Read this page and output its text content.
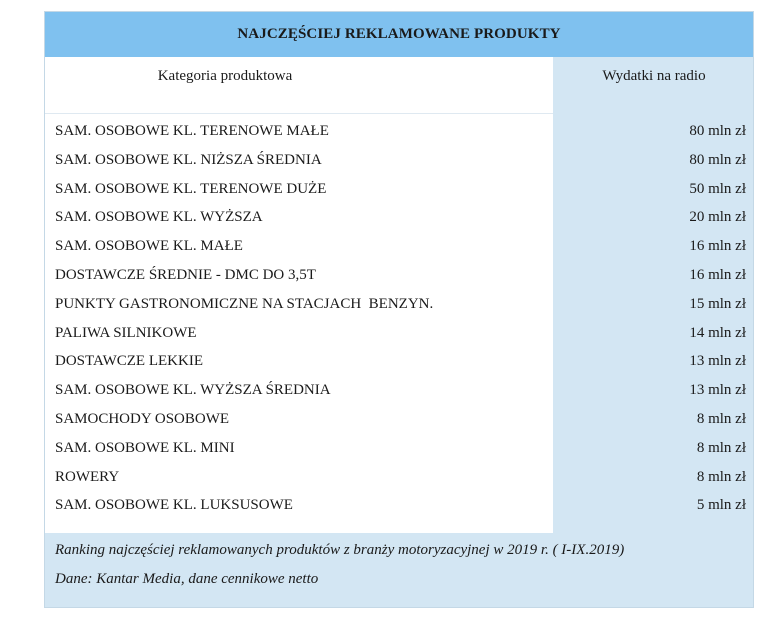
NAJCZĘŚCIEJ REKLAMOWANE PRODUKTY
Kategoria produktowa	Wydatki na radio
SAM. OSOBOWE KL. TERENOWE MAŁE	80 mln zł
SAM. OSOBOWE KL. NIŻSZA ŚREDNIA	80 mln zł
SAM. OSOBOWE KL. TERENOWE DUŻE	50 mln zł
SAM. OSOBOWE KL. WYŻSZA	20 mln zł
SAM. OSOBOWE KL. MAŁE	16 mln zł
DOSTAWCZE ŚREDNIE - DMC DO 3,5T	16 mln zł
PUNKTY GASTRONOMICZNE NA STACJACH  BENZYN.	15 mln zł
PALIWA SILNIKOWE	14 mln zł
DOSTAWCZE LEKKIE	13 mln zł
SAM. OSOBOWE KL. WYŻSZA ŚREDNIA	13 mln zł
SAMOCHODY OSOBOWE	8 mln zł
SAM. OSOBOWE KL. MINI	8 mln zł
ROWERY	8 mln zł
SAM. OSOBOWE KL. LUKSUSOWE	5 mln zł
Ranking najczęściej reklamowanych produktów z branży motoryzacyjnej w 2019 r. ( I-IX.2019)
Dane: Kantar Media, dane cennikowe netto
